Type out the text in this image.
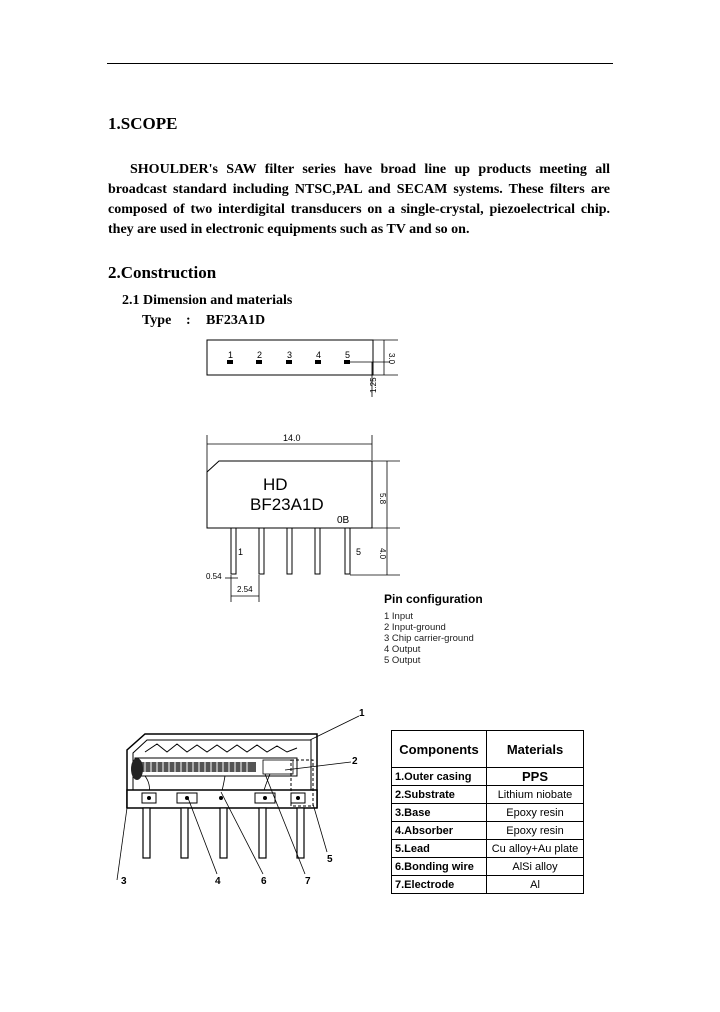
1.SCOPE
SHOULDER's SAW filter series have broad line up products meeting all broadcast standard including NTSC,PAL and SECAM systems. These filters are composed of two interdigital transducers on a single-crystal, piezoelectrical chip. they are used in electronic equipments such as TV and so on.
2.Construction
2.1 Dimension and materials
Type : BF23A1D
1	2	3	4	5	3.0
1.25
14.0
HD
BF23A1D
0B
5.8
4.0
1	5
0.54
2.54
Pin configuration
1 Input
2 Input-ground
3 Chip carrier-ground
4 Output
5 Output
1
2
3	4	6	7
5
Components	Materials
1.Outer casing	PPS
2.Substrate	Lithium niobate
3.Base	Epoxy resin
4.Absorber	Epoxy resin
5.Lead	Cu alloy+Au plate
6.Bonding wire	AlSi alloy
7.Electrode	Al
